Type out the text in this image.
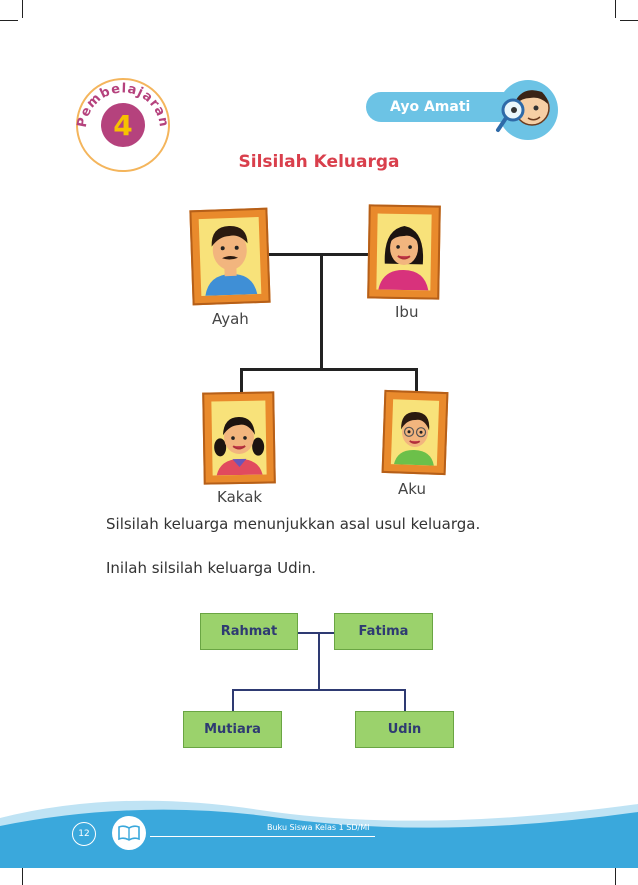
Pembelajaran
4
Ayo Amati
Silsilah Keluarga
Ayah	Ibu
Kakak	Aku
Silsilah keluarga menunjukkan asal usul keluarga.
Inilah silsilah keluarga Udin.
Rahmat	Fatima
Mutiara	Udin
12
Buku Siswa Kelas 1 SD/MI
